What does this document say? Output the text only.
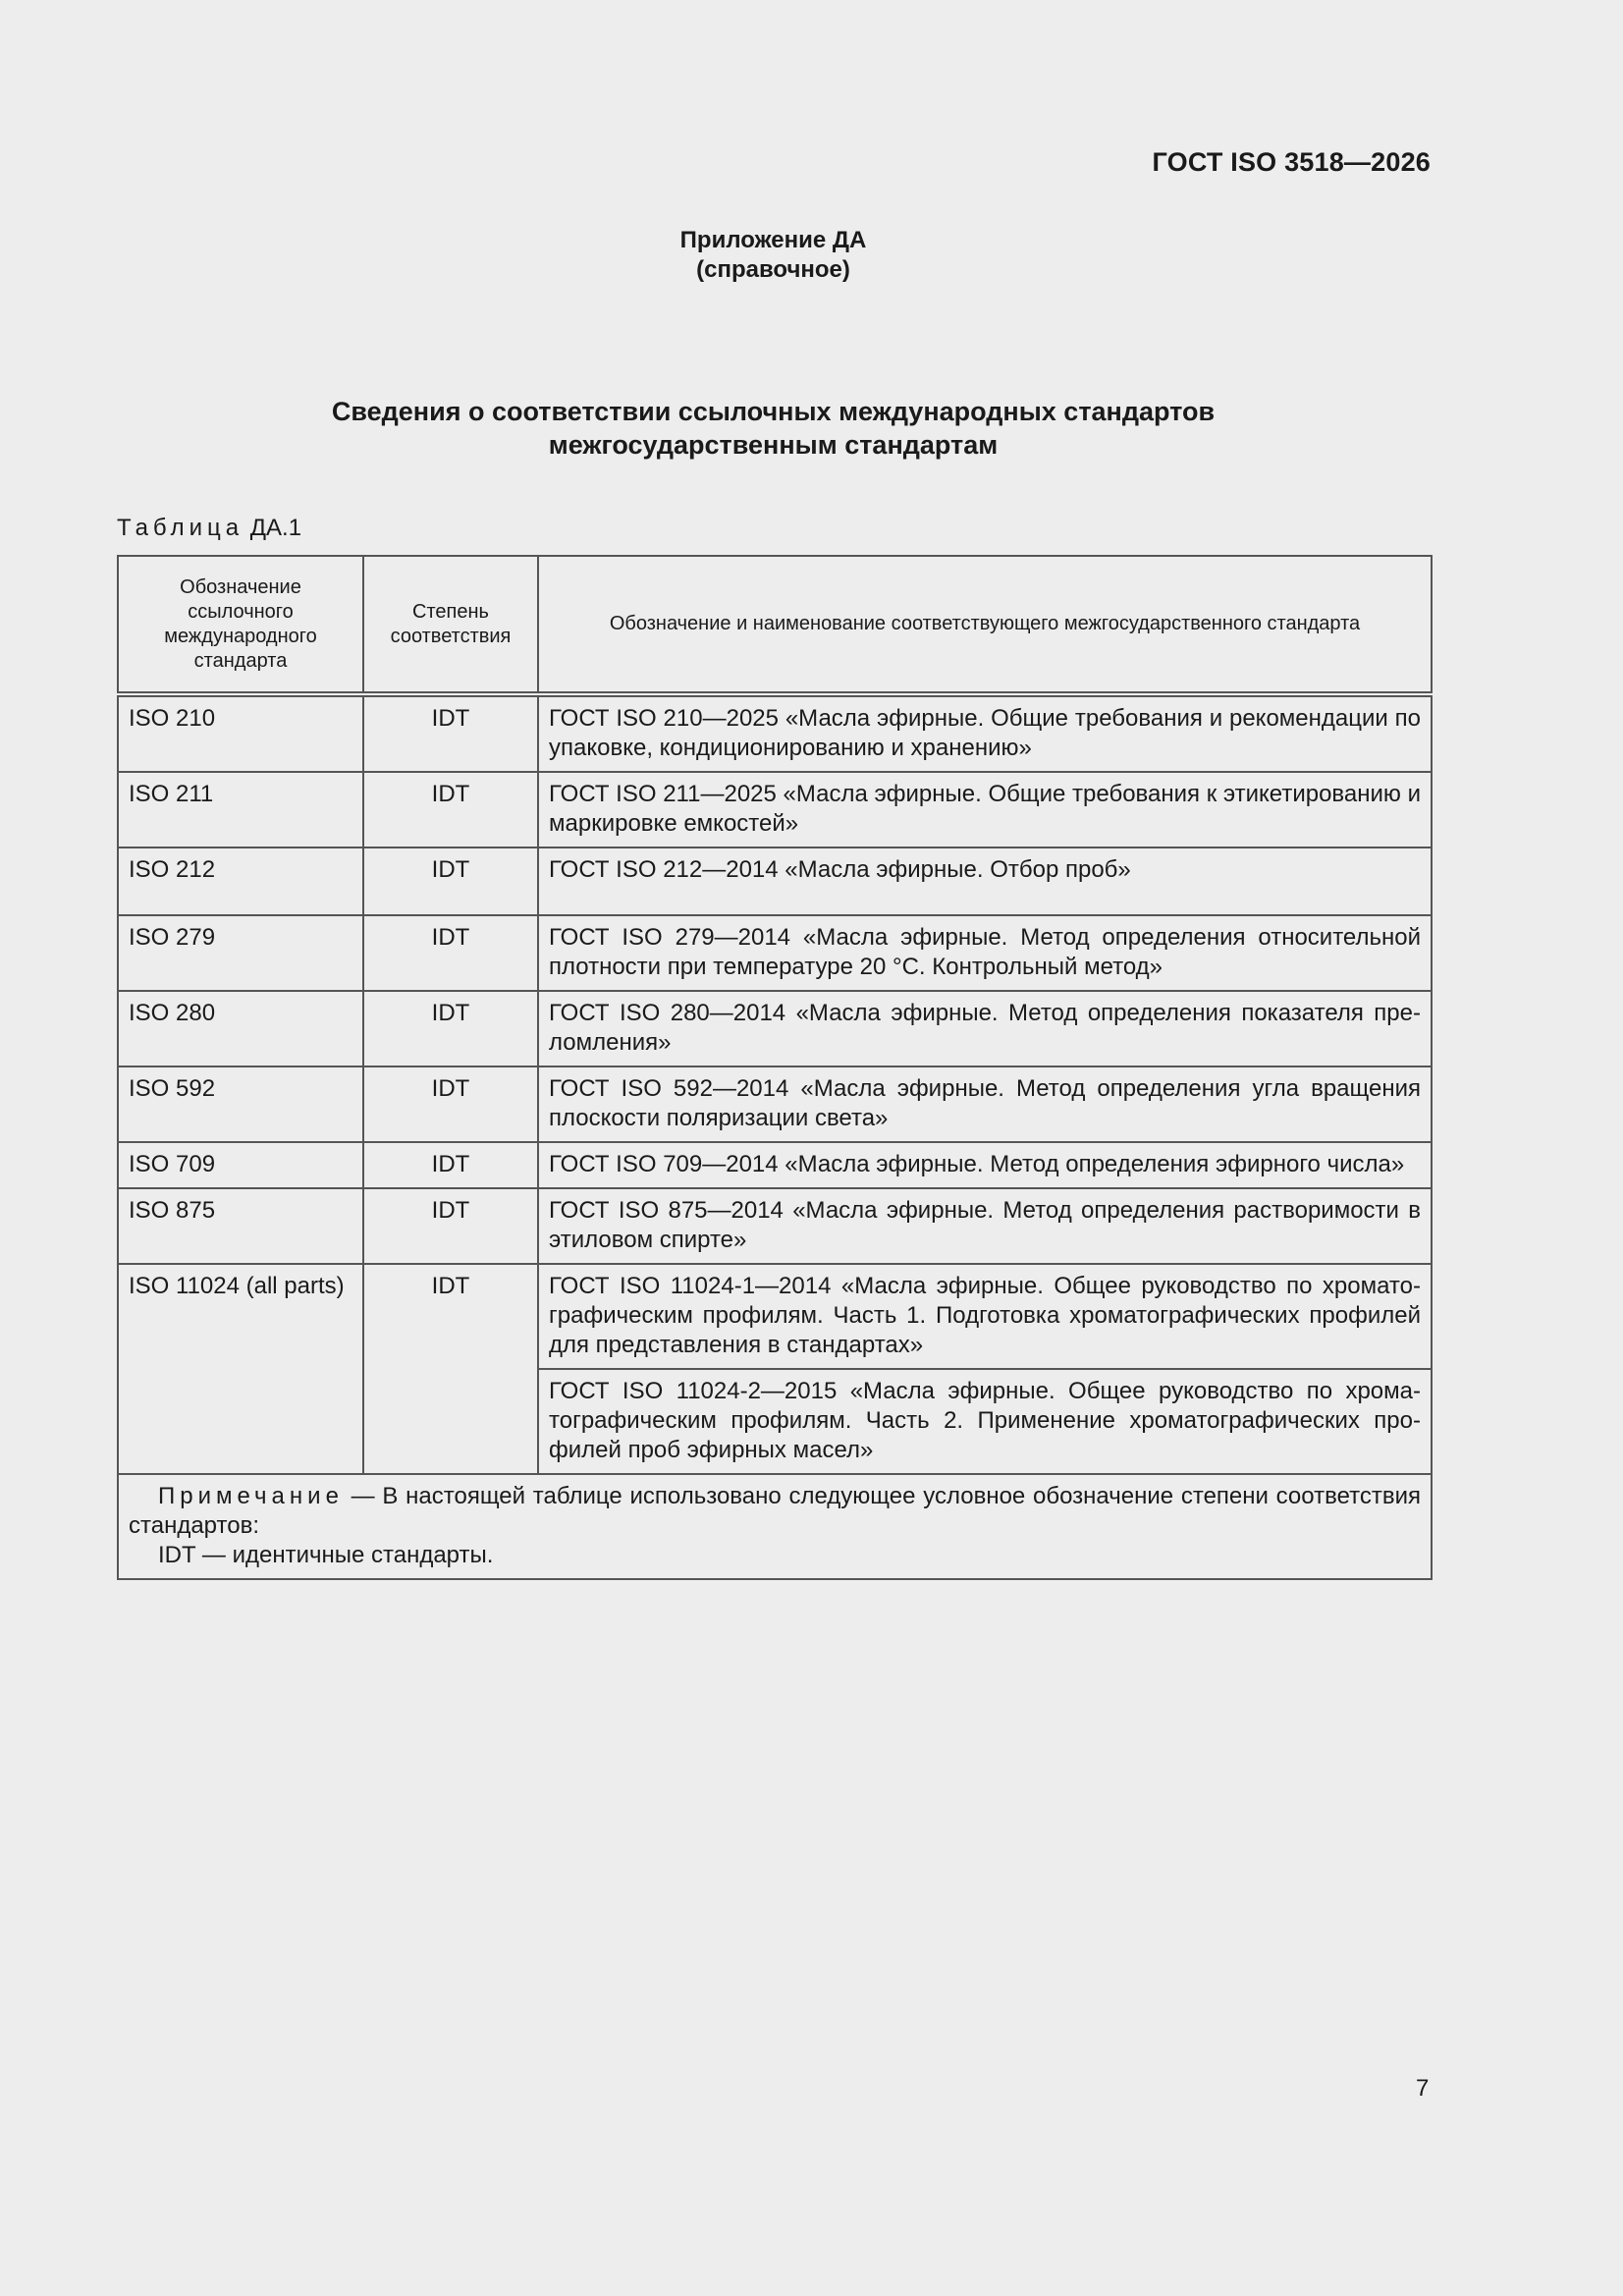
ГОСТ ISO 3518—2026
Приложение ДА
(справочное)
Сведения о соответствии ссылочных международных стандартов
межгосударственным стандартам
Таблица ДА.1
Обозначение ссылочного международного стандарта	Степень соответствия	Обозначение и наименование соответствующего межгосударственного стандарта
ISO 210	IDT	ГОСТ ISO 210—2025 «Масла эфирные. Общие требования и рекомендации по упаковке, кондиционированию и хранению»
ISO 211	IDT	ГОСТ ISO 211—2025 «Масла эфирные. Общие требования к этикетированию и маркировке емкостей»
ISO 212	IDT	ГОСТ ISO 212—2014 «Масла эфирные. Отбор проб»
ISO 279	IDT	ГОСТ ISO 279—2014 «Масла эфирные. Метод определения относительной плотности при температуре 20 °С. Контрольный метод»
ISO 280	IDT	ГОСТ ISO 280—2014 «Масла эфирные. Метод определения показателя преломления»
ISO 592	IDT	ГОСТ ISO 592—2014 «Масла эфирные. Метод определения угла вращения плоскости поляризации света»
ISO 709	IDT	ГОСТ ISO 709—2014 «Масла эфирные. Метод определения эфирного числа»
ISO 875	IDT	ГОСТ ISO 875—2014 «Масла эфирные. Метод определения растворимости в этиловом спирте»
ISO 11024 (all parts)	IDT	ГОСТ ISO 11024-1—2014 «Масла эфирные. Общее руководство по хроматографическим профилям. Часть 1. Подготовка хроматографических профилей для представления в стандартах»
		ГОСТ ISO 11024-2—2015 «Масла эфирные. Общее руководство по хроматографическим профилям. Часть 2. Применение хроматографических профилей проб эфирных масел»

Примечание — В настоящей таблице использовано следующее условное обозначение степени соответствия стандартов:
IDT — идентичные стандарты.		
7
